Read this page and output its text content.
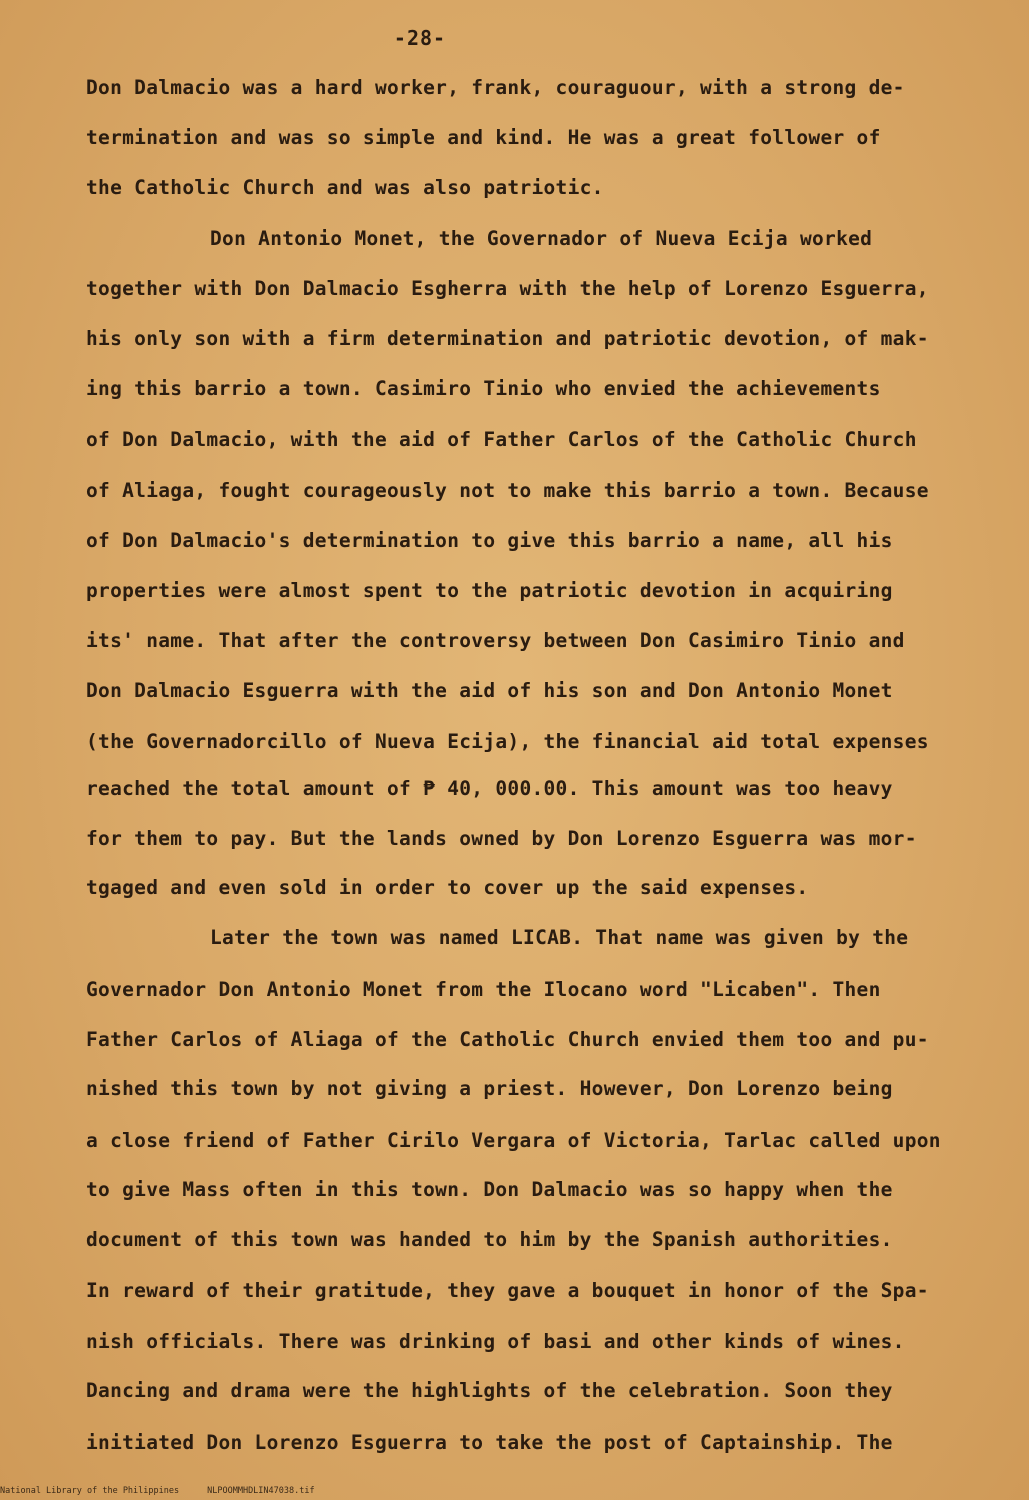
-28-
Don Dalmacio was a hard worker, frank, couraguour, with a strong de-
termination and was so simple and kind. He was a great follower of
the Catholic Church and was also patriotic.
Don Antonio Monet, the Governador of Nueva Ecija worked
together with Don Dalmacio Esgherra with the help of Lorenzo Esguerra,
his only son with a firm determination and patriotic devotion, of mak-
ing this barrio a town. Casimiro Tinio who envied the achievements
of Don Dalmacio, with the aid of Father Carlos of the Catholic Church
of Aliaga, fought courageously not to make this barrio a town. Because
of Don Dalmacio's determination to give this barrio a name, all his
properties were almost spent to the patriotic devotion in acquiring
its' name. That after the controversy between Don Casimiro Tinio and
Don Dalmacio Esguerra with the aid of his son and Don Antonio Monet
(the Governadorcillo of Nueva Ecija), the financial aid total expenses
reached the total amount of ₱ 40, 000.00. This amount was too heavy
for them to pay. But the lands owned by Don Lorenzo Esguerra was mor-
tgaged and even sold in order to cover up the said expenses.
Later the town was named LICAB. That name was given by the
Governador Don Antonio Monet from the Ilocano word "Licaben". Then
Father Carlos of Aliaga of the Catholic Church envied them too and pu-
nished this town by not giving a priest. However, Don Lorenzo being
a close friend of Father Cirilo Vergara of Victoria, Tarlac called upon
to give Mass often in this town. Don Dalmacio was so happy when the
document of this town was handed to him by the Spanish authorities.
In reward of their gratitude, they gave a bouquet in honor of the Spa-
nish officials. There was drinking of basi and other kinds of wines.
Dancing and drama were the highlights of the celebration. Soon they
initiated Don Lorenzo Esguerra to take the post of Captainship. The
National Library of the Philippines	NLPOOMMHDLIN47038.tif
